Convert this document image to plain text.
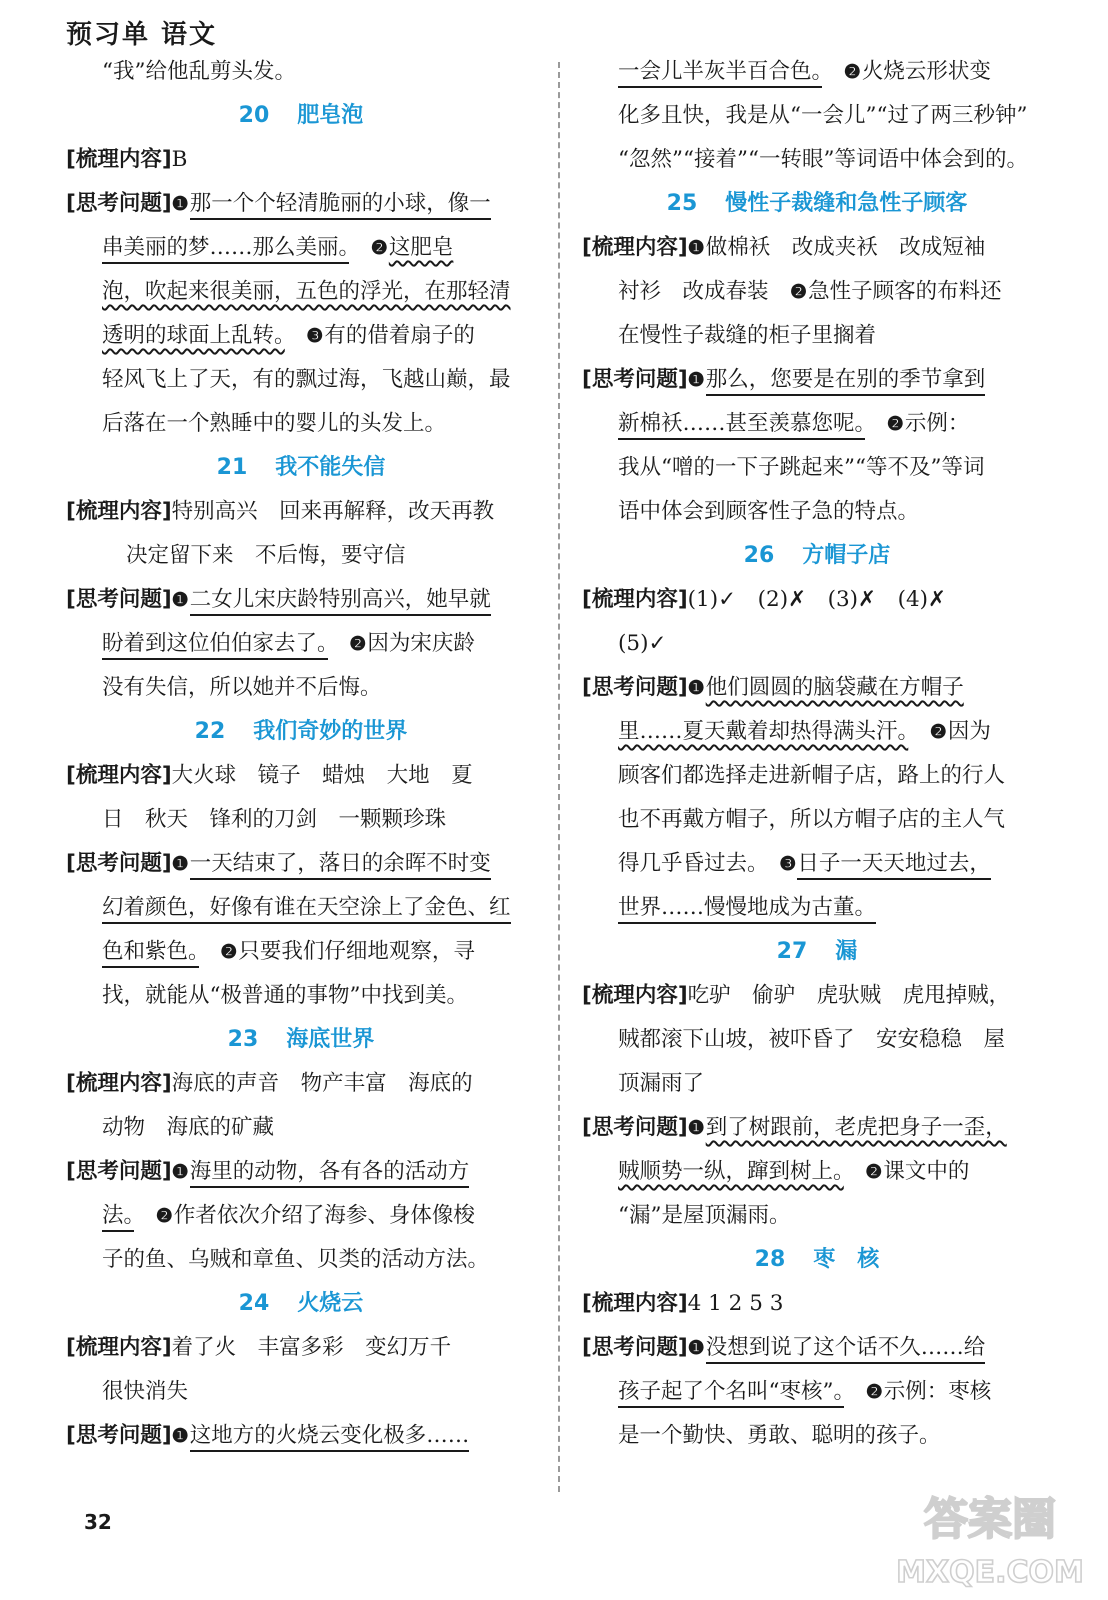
预习单 语文
“我”给他乱剪头发。
20 肥皂泡
[梳理内容]B
[思考问题]❶那一个个轻清脆丽的小球，像一
串美丽的梦……那么美丽。　 ❷这肥皂
泡，吹起来很美丽，五色的浮光，在那轻清
透明的球面上乱转。　 ❸有的借着扇子的
轻风飞上了天，有的飘过海，飞越山巅，最
后落在一个熟睡中的婴儿的头发上。
21 我不能失信
[梳理内容]特别高兴　回来再解释，改天再教
决定留下来　不后悔，要守信
[思考问题]❶二女儿宋庆龄特别高兴，她早就
盼着到这位伯伯家去了。　 ❷因为宋庆龄
没有失信，所以她并不后悔。
22 我们奇妙的世界
[梳理内容]大火球　镜子　蜡烛　大地　夏
日　秋天　锋利的刀剑　一颗颗珍珠
[思考问题]❶一天结束了，落日的余晖不时变
幻着颜色，好像有谁在天空涂上了金色、红
色和紫色。　 ❷只要我们仔细地观察，寻
找，就能从“极普通的事物”中找到美。
23 海底世界
[梳理内容]海底的声音　物产丰富　海底的
动物　海底的矿藏
[思考问题]❶海里的动物，各有各的活动方
法。　 ❷作者依次介绍了海参、身体像梭
子的鱼、乌贼和章鱼、贝类的活动方法。
24 火烧云
[梳理内容]着了火　丰富多彩　变幻万千
很快消失
[思考问题]❶这地方的火烧云变化极多……
一会儿半灰半百合色。　 ❷火烧云形状变
化多且快，我是从“一会儿”“过了两三秒钟”
“忽然”“接着”“一转眼”等词语中体会到的。
25 慢性子裁缝和急性子顾客
[梳理内容]❶做棉袄　改成夹袄　改成短袖
衬衫　改成春装　 ❷急性子顾客的布料还
在慢性子裁缝的柜子里搁着
[思考问题]❶那么，您要是在别的季节拿到
新棉袄……甚至羡慕您呢。　 ❷示例：
我从“噌的一下子跳起来”“等不及”等词
语中体会到顾客性子急的特点。
26 方帽子店
[梳理内容](1)✓　(2)✗　(3)✗　(4)✗
(5)✓
[思考问题]❶他们圆圆的脑袋藏在方帽子
里……夏天戴着却热得满头汗。　 ❷因为
顾客们都选择走进新帽子店，路上的行人
也不再戴方帽子，所以方帽子店的主人气
得几乎昏过去。　 ❸日子一天天地过去，
世界……慢慢地成为古董。
27 漏
[梳理内容]吃驴　偷驴　虎驮贼　虎甩掉贼，
贼都滚下山坡，被吓昏了　安安稳稳　屋
顶漏雨了
[思考问题]❶到了树跟前，老虎把身子一歪，
贼顺势一纵，蹿到树上。　 ❷课文中的
“漏”是屋顶漏雨。
28 枣　核
[梳理内容]4 1 2 5 3
[思考问题]❶没想到说了这个话不久……给
孩子起了个名叫“枣核”。　 ❷示例：枣核
是一个勤快、勇敢、聪明的孩子。
32	答案圈
MXQE.COM
